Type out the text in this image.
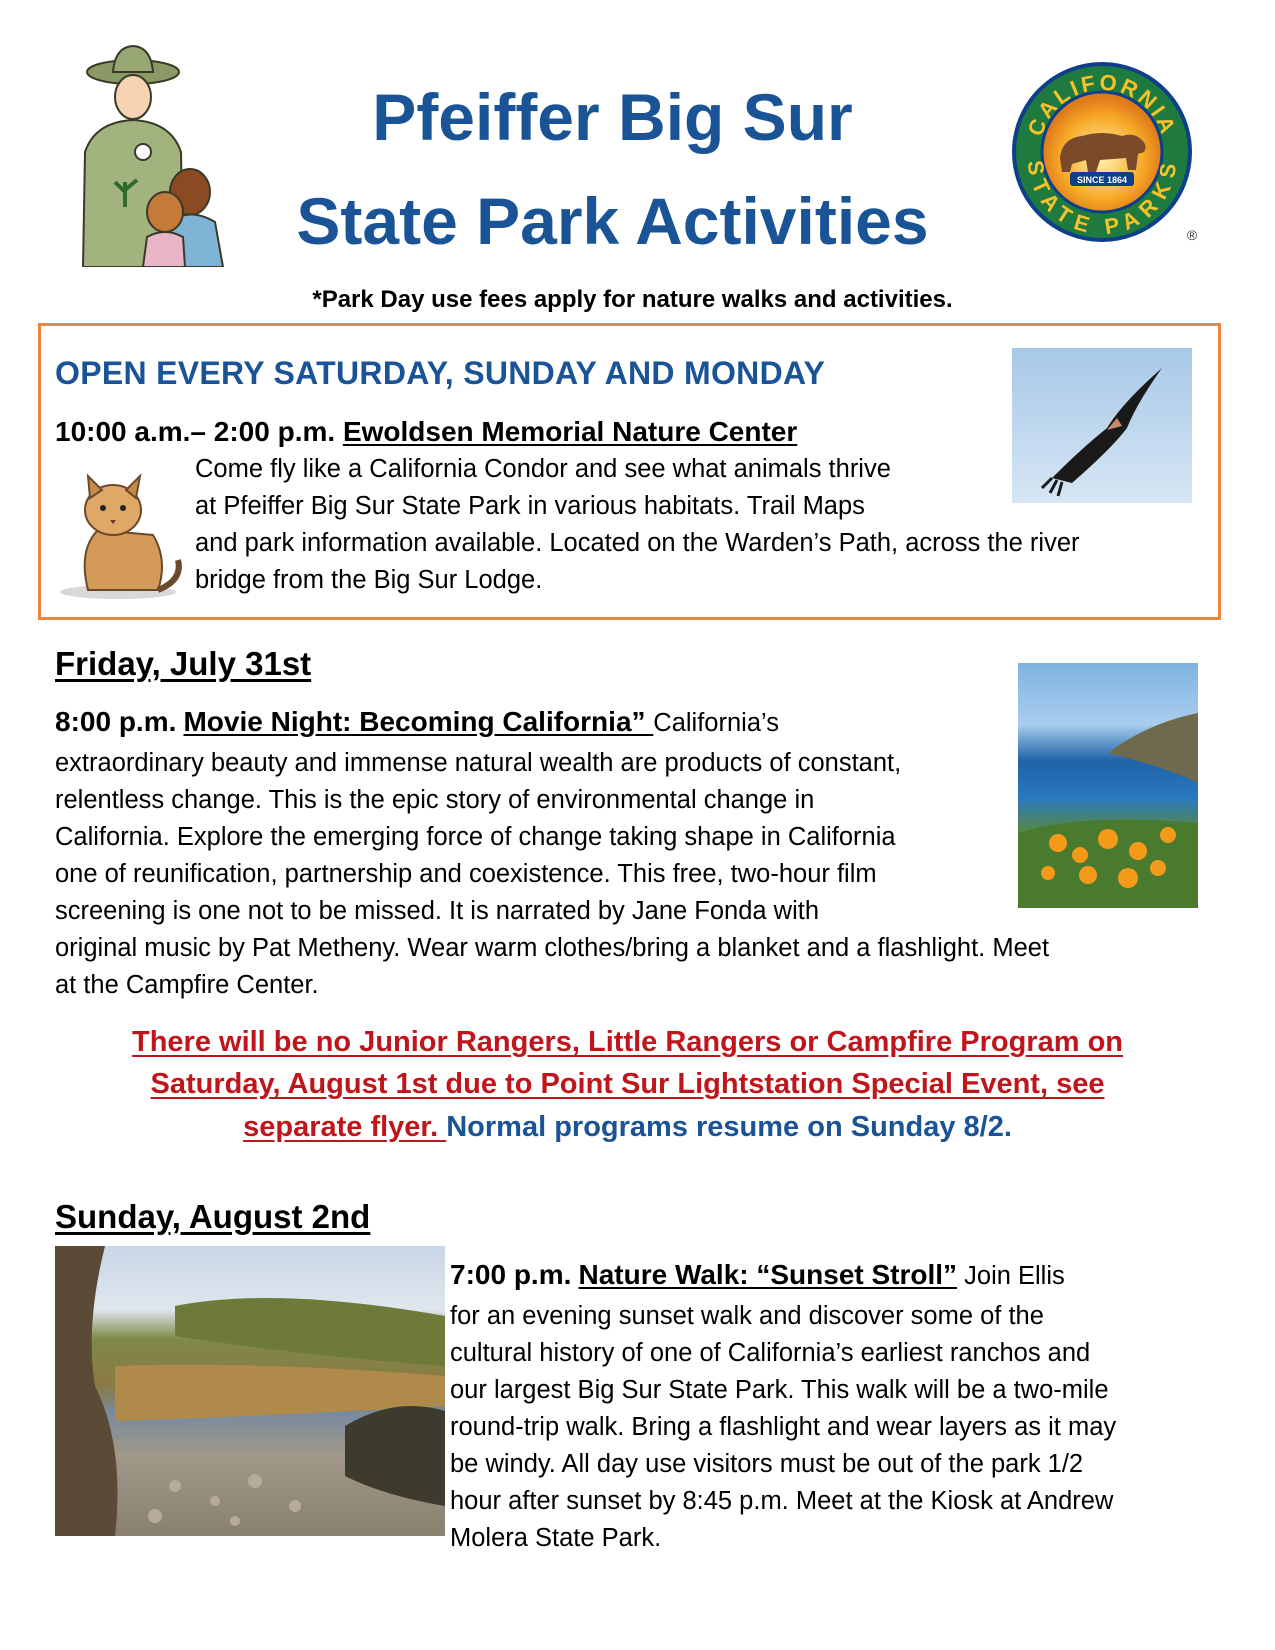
Pfeiffer Big Sur
State Park Activities
CALIFORNIA
STATE PARKS
SINCE 1864
®
*Park Day use fees apply for nature walks and activities.
OPEN EVERY SATURDAY, SUNDAY AND MONDAY
10:00 a.m.– 2:00 p.m. Ewoldsen Memorial Nature Center
Come fly like a California Condor and see what animals thrive
at Pfeiffer Big Sur State Park in various habitats. Trail Maps
and park information available. Located on the Warden’s Path, across the river
bridge from the Big Sur Lodge.
Friday, July 31st
8:00 p.m. Movie Night: Becoming California” California’s
extraordinary beauty and immense natural wealth are products of constant,
relentless change. This is the epic story of environmental change in
California. Explore the emerging force of change taking shape in California
one of reunification, partnership and coexistence. This free, two-hour film
screening is one not to be missed. It is narrated by Jane Fonda with
original music by Pat Metheny. Wear warm clothes/bring a blanket and a flashlight. Meet
at the Campfire Center.
There will be no Junior Rangers, Little Rangers or Campfire Program on
Saturday, August 1st due to Point Sur Lightstation Special Event, see
separate flyer. Normal programs resume on Sunday 8/2.
Sunday, August 2nd
7:00 p.m. Nature Walk: “Sunset Stroll” Join Ellis
for an evening sunset walk and discover some of the
cultural history of one of California’s earliest ranchos and
our largest Big Sur State Park. This walk will be a two-mile
round-trip walk. Bring a flashlight and wear layers as it may
be windy. All day use visitors must be out of the park 1/2
hour after sunset by 8:45 p.m. Meet at the Kiosk at Andrew
Molera State Park.
